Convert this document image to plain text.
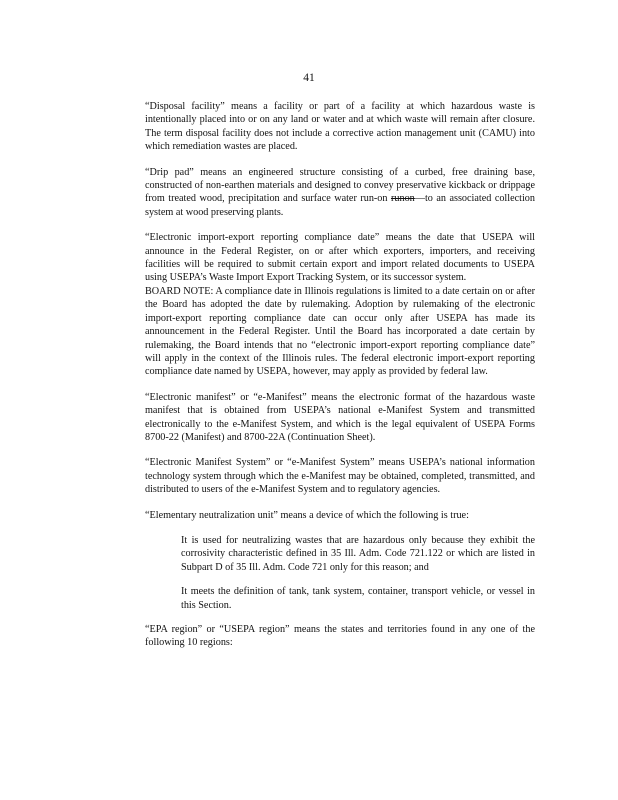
41

“Disposal facility” means a facility or part of a facility at which hazardous waste is intentionally placed into or on any land or water and at which waste will remain after closure. The term disposal facility does not include a corrective action management unit (CAMU) into which remediation wastes are placed.

“Drip pad” means an engineered structure consisting of a curbed, free draining base, constructed of non-earthen materials and designed to convey preservative kickback or drippage from treated wood, precipitation and surface water run-on runon—to an associated collection system at wood preserving plants.

“Electronic import-export reporting compliance date” means the date that USEPA will announce in the Federal Register, on or after which exporters, importers, and receiving facilities will be required to submit certain export and import related documents to USEPA using USEPA’s Waste Import Export Tracking System, or its successor system.

BOARD NOTE: A compliance date in Illinois regulations is limited to a date certain on or after the Board has adopted the date by rulemaking. Adoption by rulemaking of the electronic import-export reporting compliance date can occur only after USEPA has made its announcement in the Federal Register. Until the Board has incorporated a date certain by rulemaking, the Board intends that no “electronic import-export reporting compliance date” will apply in the context of the Illinois rules. The federal electronic import-export reporting compliance date named by USEPA, however, may apply as provided by federal law.

“Electronic manifest” or “e-Manifest” means the electronic format of the hazardous waste manifest that is obtained from USEPA’s national e-Manifest System and transmitted electronically to the e-Manifest System, and which is the legal equivalent of USEPA Forms 8700-22 (Manifest) and 8700-22A (Continuation Sheet).

“Electronic Manifest System” or “e-Manifest System” means USEPA’s national information technology system through which the e-Manifest may be obtained, completed, transmitted, and distributed to users of the e-Manifest System and to regulatory agencies.

“Elementary neutralization unit” means a device of which the following is true:

It is used for neutralizing wastes that are hazardous only because they exhibit the corrosivity characteristic defined in 35 Ill. Adm. Code 721.122 or which are listed in Subpart D of 35 Ill. Adm. Code 721 only for this reason; and

It meets the definition of tank, tank system, container, transport vehicle, or vessel in this Section.

“EPA region” or “USEPA region” means the states and territories found in any one of the following 10 regions:
